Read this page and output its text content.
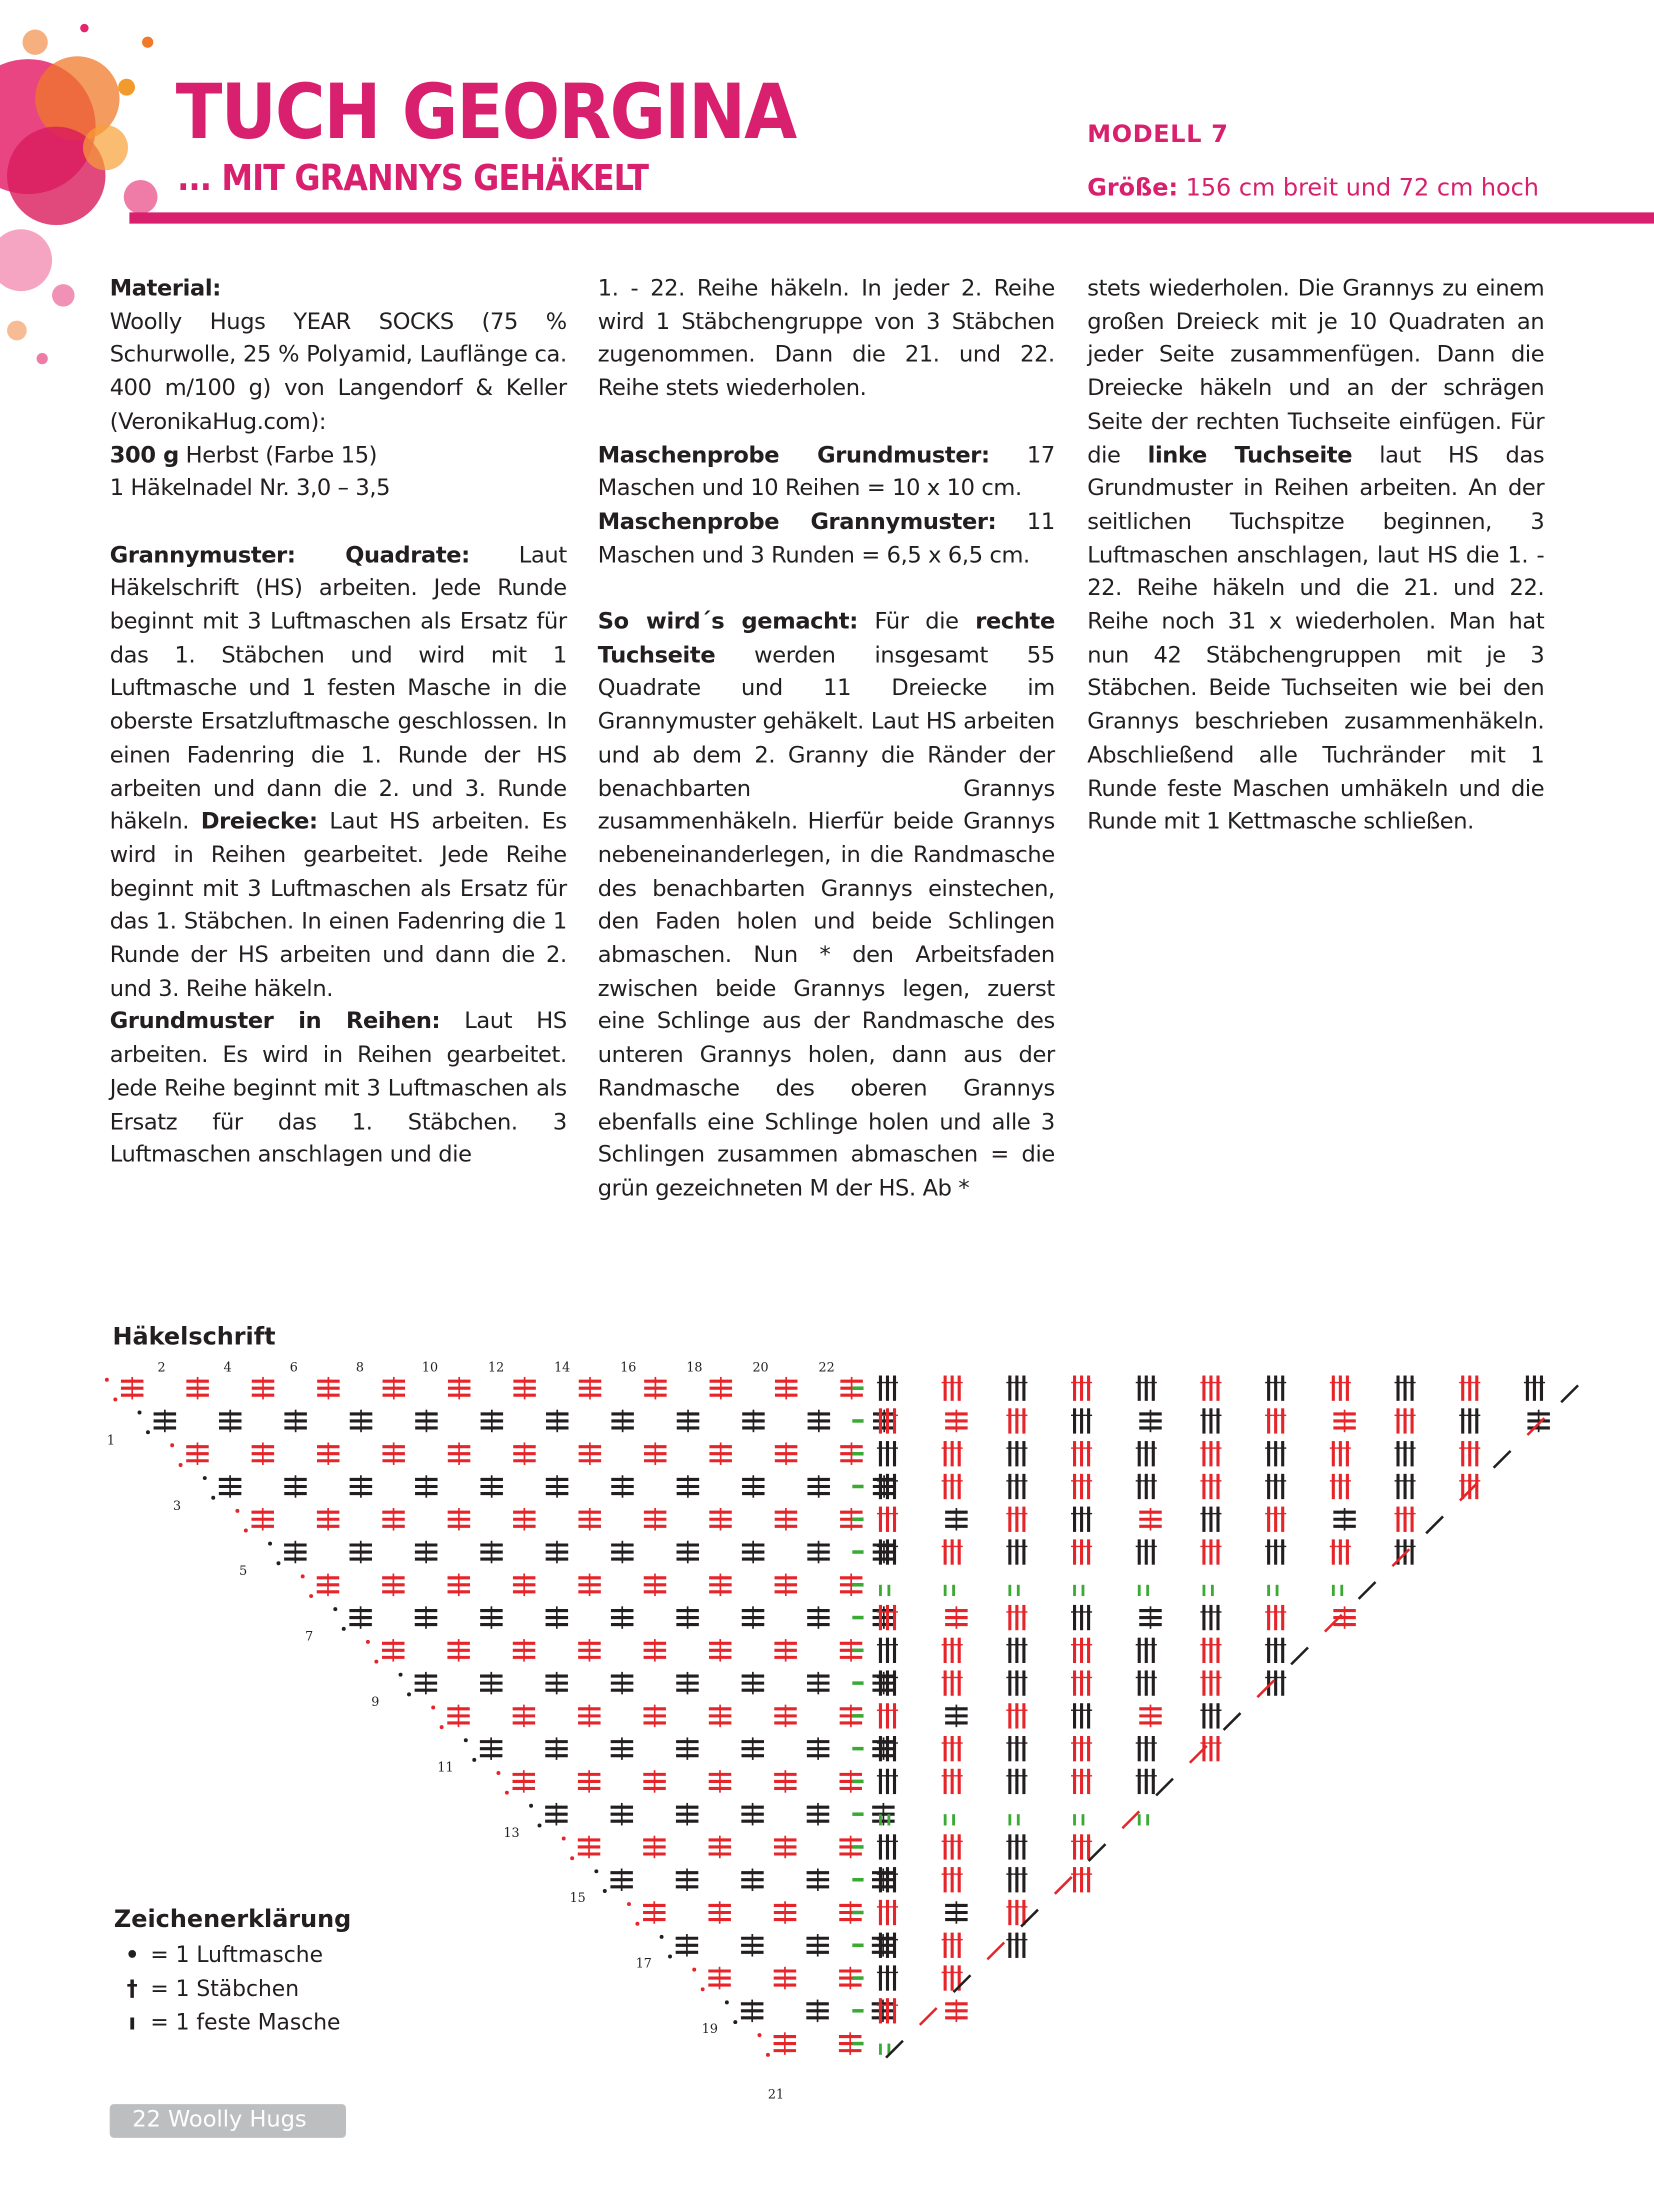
TUCH GEORGINA
... MIT GRANNYS GEHÄKELT
MODELL 7
Größe: 156 cm breit und 72 cm hoch

Material:

Woolly Hugs YEAR SOCKS (75 % Schurwolle, 25 % Polyamid, Lauflänge ca. 400 m/100 g) von Langendorf & Keller (VeronikaHug.com):

300 g Herbst (Farbe 15)

1 Häkelnadel Nr. 3,0 – 3,5

Grannymuster: Quadrate: Laut Häkelschrift (HS) arbeiten. Jede Runde beginnt mit 3 Luftmaschen als Ersatz für das 1. Stäbchen und wird mit 1 Luftmasche und 1 festen Masche in die oberste Ersatzluftmasche geschlossen. In einen Fadenring die 1. Runde der HS arbeiten und dann die 2. und 3. Runde häkeln. Dreiecke: Laut HS arbeiten. Es wird in Reihen gearbeitet. Jede Reihe beginnt mit 3 Luftmaschen als Ersatz für das 1. Stäbchen. In einen Fadenring die 1 Runde der HS arbeiten und dann die 2. und 3. Reihe häkeln.

Grundmuster in Reihen: Laut HS arbeiten. Es wird in Reihen gearbeitet. Jede Reihe beginnt mit 3 Luftmaschen als Ersatz für das 1. Stäbchen. 3 Luftmaschen anschlagen und die

1. - 22. Reihe häkeln. In jeder 2. Reihe wird 1 Stäbchengruppe von 3 Stäbchen zugenommen. Dann die 21. und 22. Reihe stets wiederholen.

Maschenprobe Grundmuster: 17 Maschen und 10 Reihen = 10 x 10 cm.

Maschenprobe Grannymuster: 11 Maschen und 3 Runden = 6,5 x 6,5 cm.

So wird´s gemacht: Für die rechte Tuchseite werden insgesamt 55 Quadrate und 11 Dreiecke im Grannymuster gehäkelt. Laut HS arbeiten und ab dem 2. Granny die Ränder der benachbarten Grannys zusammenhäkeln. Hierfür beide Grannys nebeneinanderlegen, in die Randmasche des benachbarten Grannys einstechen, den Faden holen und beide Schlingen abmaschen. Nun * den Arbeitsfaden zwischen beide Grannys legen, zuerst eine Schlinge aus der Randmasche des unteren Grannys holen, dann aus der Randmasche des oberen Grannys ebenfalls eine Schlinge holen und alle 3 Schlingen zusammen abmaschen = die grün gezeichneten M der HS. Ab *

stets wiederholen. Die Grannys zu einem großen Dreieck mit je 10 Quadraten an jeder Seite zusammenfügen. Dann die Dreiecke häkeln und an der schrägen Seite der rechten Tuchseite einfügen. Für die linke Tuchseite laut HS das Grundmuster in Reihen arbeiten. An der seitlichen Tuchspitze beginnen, 3 Luftmaschen anschlagen, laut HS die 1. - 22. Reihe häkeln und die 21. und 22. Reihe noch 31 x wiederholen. Man hat nun 42 Stäbchengruppen mit je 3 Stäbchen. Beide Tuchseiten wie bei den Grannys beschrieben zusammenhäkeln. Abschließend alle Tuchränder mit 1 Runde feste Maschen umhäkeln und die Runde mit 1 Kettmasche schließen.

Häkelschrift
2	4	6	8	10	12	14	16	18	20	22
1
3
5
7
9
11
13
15
17
19
21
Zeichenerklärung
• = 1 Luftmasche
† = 1 Stäbchen
ı = 1 feste Masche
22 Woolly Hugs
